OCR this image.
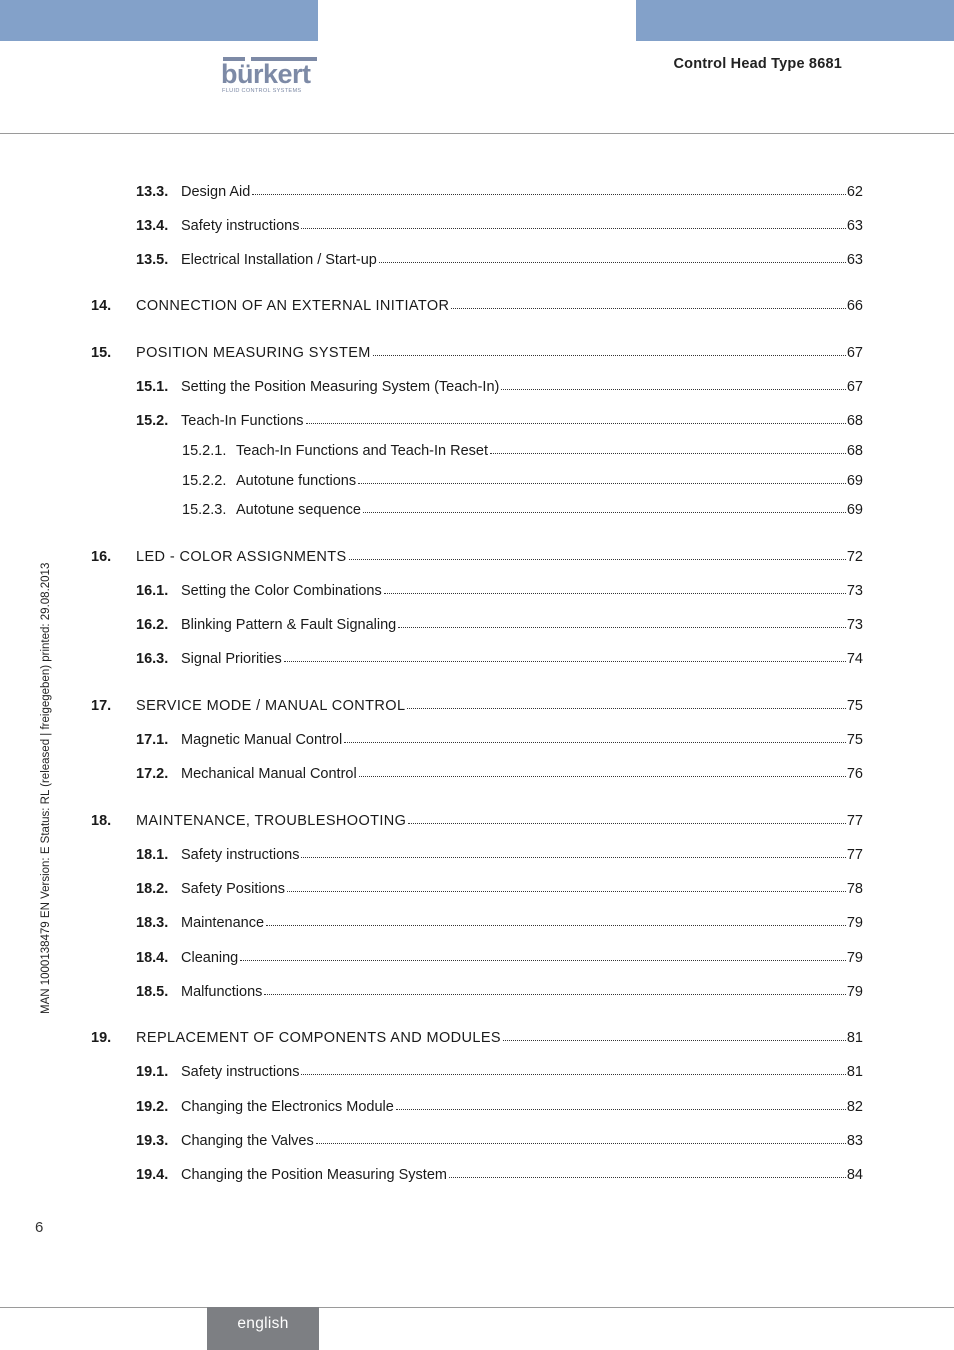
bürkert
FLUID CONTROL SYSTEMS
Control Head Type 8681
13.3. Design Aid	62
13.4. Safety instructions	63
13.5. Electrical Installation / Start-up	63
14.	CONNECTION OF AN EXTERNAL INITIATOR	66
15.	POSITION MEASURING SYSTEM	67
15.1. Setting the Position Measuring System (Teach-In)	67
15.2. Teach-In Functions	68
15.2.1. Teach-In Functions and Teach-In Reset	68
15.2.2. Autotune functions	69
15.2.3. Autotune sequence	69
16.	LED - COLOR ASSIGNMENTS	72
16.1. Setting the Color Combinations	73
16.2. Blinking Pattern & Fault Signaling	73
16.3. Signal Priorities	74
17.	SERVICE MODE / MANUAL CONTROL	75
17.1. Magnetic Manual Control	75
17.2. Mechanical Manual Control	76
18.	MAINTENANCE, TROUBLESHOOTING	77
18.1. Safety instructions	77
18.2. Safety Positions	78
18.3. Maintenance	79
18.4. Cleaning	79
18.5. Malfunctions	79
19.	REPLACEMENT OF COMPONENTS AND MODULES	81
19.1. Safety instructions	81
19.2. Changing the Electronics Module	82
19.3. Changing the Valves	83
19.4. Changing the Position Measuring System	84
MAN 1000138479 EN Version: E Status: RL (released | freigegeben) printed: 29.08.2013
6
english
